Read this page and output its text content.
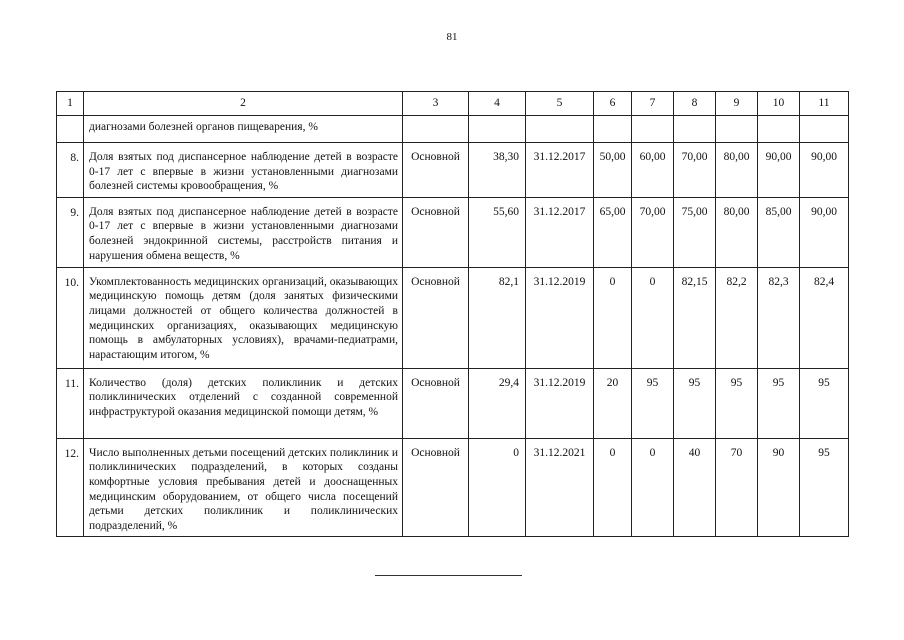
81
1	2	3	4	5	6	7	8	9	10	11
	диагнозами болезней органов пищеварения, %									
8.	Доля взятых под диспансерное наблюдение детей в возрасте 0-17 лет с впервые в жизни установленными диагнозами болезней системы кровообращения, %	Основной	38,30	31.12.2017	50,00	60,00	70,00	80,00	90,00	90,00
9.	Доля взятых под диспансерное наблюдение детей в возрасте 0-17 лет с впервые в жизни установленными диагнозами болезней эндокринной системы, расстройств питания и нарушения обмена веществ, %	Основной	55,60	31.12.2017	65,00	70,00	75,00	80,00	85,00	90,00
10.	Укомплектованность медицинских организаций, оказывающих медицинскую помощь детям (доля занятых физическими лицами должностей от общего количества должностей в медицинских организациях, оказывающих медицинскую помощь в амбулаторных условиях), врачами-педиатрами, нарастающим итогом, %	Основной	82,1	31.12.2019	0	0	82,15	82,2	82,3	82,4
11.	Количество (доля) детских поликлиник и детских поликлинических отделений с созданной современной инфраструктурой оказания медицинской помощи детям, %	Основной	29,4	31.12.2019	20	95	95	95	95	95
12.	Число выполненных детьми посещений детских поликлиник и поликлинических подразделений, в которых созданы комфортные условия пребывания детей и дооснащенных медицинским оборудованием, от общего числа посещений детьми детских поликлиник и поликлинических подразделений, %	Основной	0	31.12.2021	0	0	40	70	90	95
